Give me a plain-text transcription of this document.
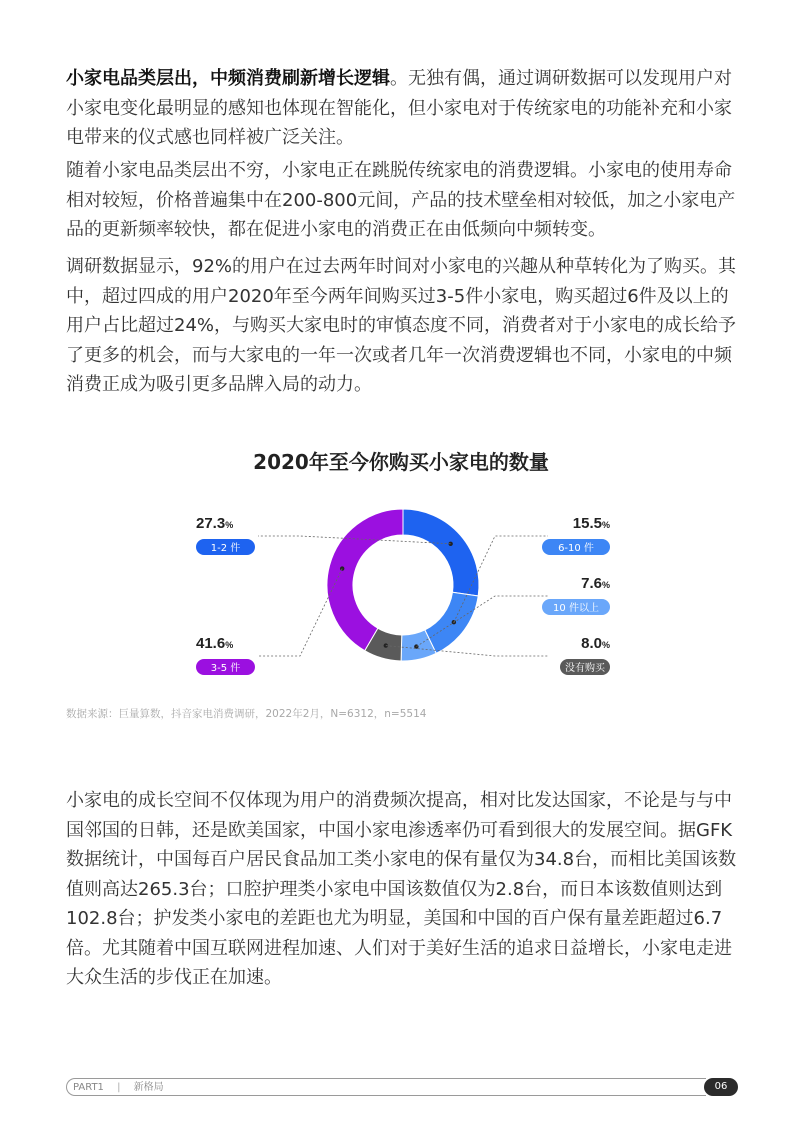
小家电品类层出，中频消费刷新增长逻辑。无独有偶，通过调研数据可以发现用户对小家电变化最明显的感知也体现在智能化，但小家电对于传统家电的功能补充和小家电带来的仪式感也同样被广泛关注。

随着小家电品类层出不穷，小家电正在跳脱传统家电的消费逻辑。小家电的使用寿命相对较短，价格普遍集中在200-800元间，产品的技术壁垒相对较低，加之小家电产品的更新频率较快，都在促进小家电的消费正在由低频向中频转变。

调研数据显示，92%的用户在过去两年时间对小家电的兴趣从种草转化为了购买。其中，超过四成的用户2020年至今两年间购买过3-5件小家电，购买超过6件及以上的用户占比超过24%，与购买大家电时的审慎态度不同，消费者对于小家电的成长给予了更多的机会，而与大家电的一年一次或者几年一次消费逻辑也不同，小家电的中频消费正成为吸引更多品牌入局的动力。

2020年至今你购买小家电的数量
27.3%
1-2 件
15.5%
6-10 件
7.6%
10 件以上
8.0%
没有购买
41.6%
3-5 件

数据来源：巨量算数，抖音家电消费调研，2022年2月，N=6312，n=5514

小家电的成长空间不仅体现为用户的消费频次提高，相对比发达国家，不论是与与中国邻国的日韩，还是欧美国家，中国小家电渗透率仍可看到很大的发展空间。据GFK数据统计，中国每百户居民食品加工类小家电的保有量仅为34.8台，而相比美国该数值则高达265.3台；口腔护理类小家电中国该数值仅为2.8台，而日本该数值则达到102.8台；护发类小家电的差距也尤为明显，美国和中国的百户保有量差距超过6.7倍。尤其随着中国互联网进程加速、人们对于美好生活的追求日益增长，小家电走进大众生活的步伐正在加速。

PART1 | 新格局	06
